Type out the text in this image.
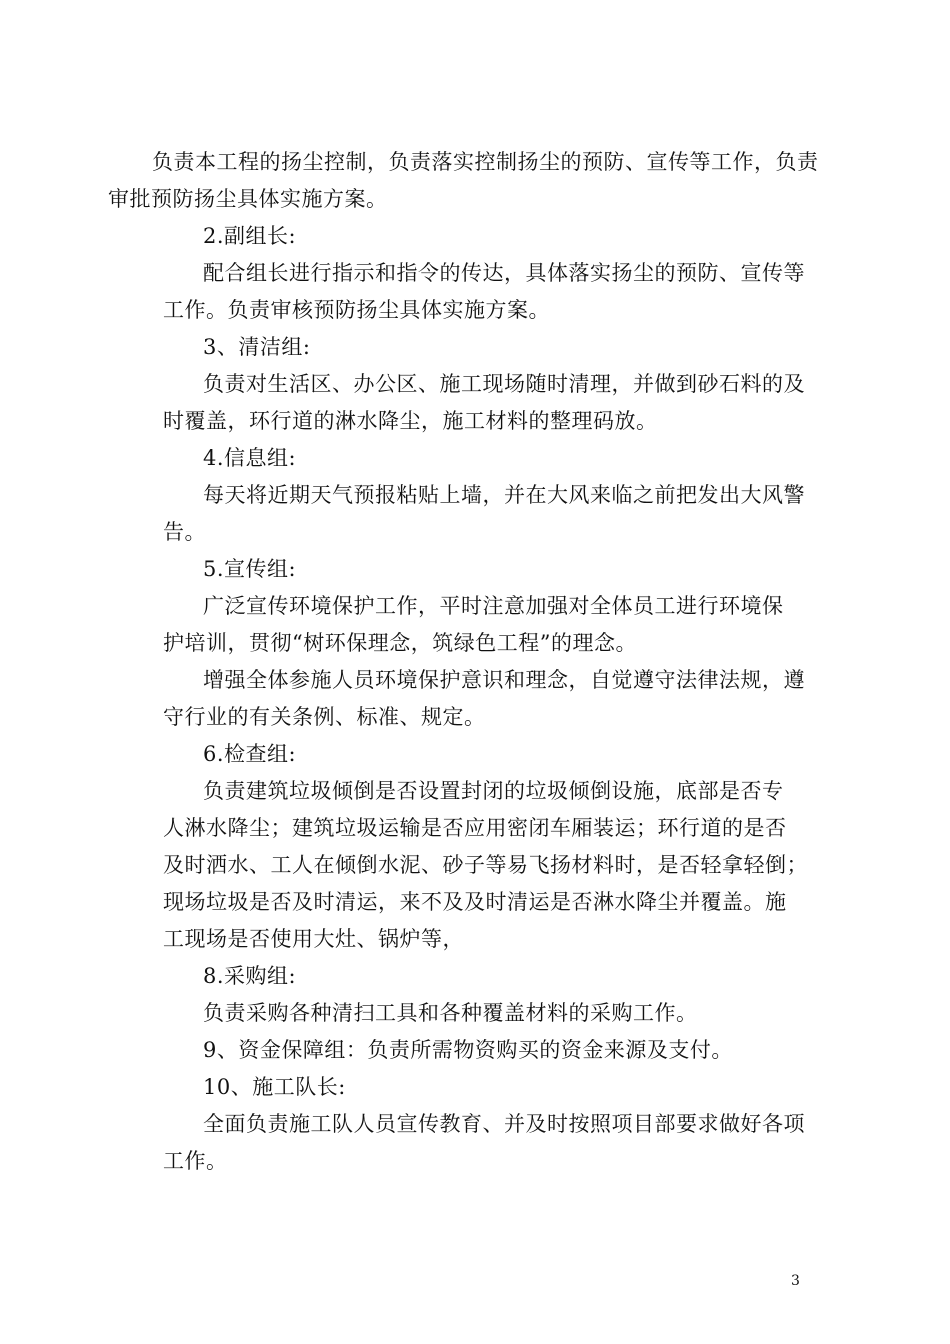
负责本工程的扬尘控制，负责落实控制扬尘的预防、宣传等工作，负责
审批预防扬尘具体实施方案。
2.副组长:
配合组长进行指示和指令的传达，具体落实扬尘的预防、宣传等
工作。负责审核预防扬尘具体实施方案。
3、清洁组:
负责对生活区、办公区、施工现场随时清理，并做到砂石料的及
时覆盖，环行道的淋水降尘，施工材料的整理码放。
4.信息组:
每天将近期天气预报粘贴上墙，并在大风来临之前把发出大风警
告。
5.宣传组:
广泛宣传环境保护工作，平时注意加强对全体员工进行环境保
护培训，贯彻“树环保理念，筑绿色工程”的理念。
增强全体参施人员环境保护意识和理念，自觉遵守法律法规，遵
守行业的有关条例、标准、规定。
6.检查组:
负责建筑垃圾倾倒是否设置封闭的垃圾倾倒设施，底部是否专
人淋水降尘；建筑垃圾运输是否应用密闭车厢装运；环行道的是否
及时洒水、工人在倾倒水泥、砂子等易飞扬材料时，是否轻拿轻倒；
现场垃圾是否及时清运，来不及及时清运是否淋水降尘并覆盖。施
工现场是否使用大灶、锅炉等，
8.采购组:
负责采购各种清扫工具和各种覆盖材料的采购工作。
9、资金保障组：负责所需物资购买的资金来源及支付。
10、施工队长:
全面负责施工队人员宣传教育、并及时按照项目部要求做好各项
工作。
3
